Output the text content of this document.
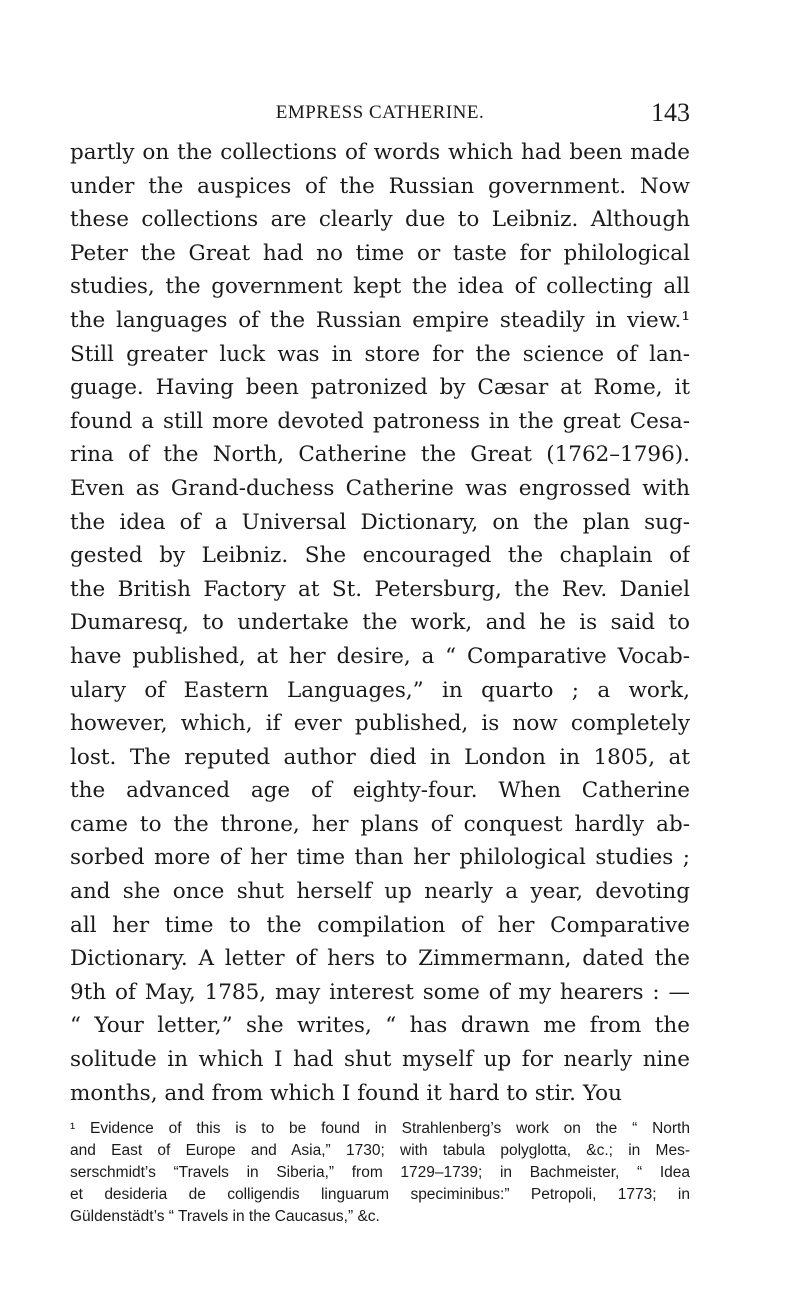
EMPRESS CATHERINE.	143
partly on the collections of words which had been made
under the auspices of the Russian government. Now
these collections are clearly due to Leibniz. Although
Peter the Great had no time or taste for philological
studies, the government kept the idea of collecting all
the languages of the Russian empire steadily in view.¹
Still greater luck was in store for the science of lan-
guage. Having been patronized by Cæsar at Rome, it
found a still more devoted patroness in the great Cesa-
rina of the North, Catherine the Great (1762–1796).
Even as Grand-duchess Catherine was engrossed with
the idea of a Universal Dictionary, on the plan sug-
gested by Leibniz. She encouraged the chaplain of
the British Factory at St. Petersburg, the Rev. Daniel
Dumaresq, to undertake the work, and he is said to
have published, at her desire, a “ Comparative Vocab-
ulary of Eastern Languages,” in quarto ; a work,
however, which, if ever published, is now completely
lost. The reputed author died in London in 1805, at
the advanced age of eighty-four. When Catherine
came to the throne, her plans of conquest hardly ab-
sorbed more of her time than her philological studies ;
and she once shut herself up nearly a year, devoting
all her time to the compilation of her Comparative
Dictionary. A letter of hers to Zimmermann, dated the
9th of May, 1785, may interest some of my hearers : —
“ Your letter,” she writes, “ has drawn me from the
solitude in which I had shut myself up for nearly nine
months, and from which I found it hard to stir. You
¹ Evidence of this is to be found in Strahlenberg’s work on the “ North
and East of Europe and Asia,” 1730; with tabula polyglotta, &c.; in Mes-
serschmidt’s “Travels in Siberia,” from 1729–1739; in Bachmeister, “ Idea
et desideria de colligendis linguarum speciminibus:” Petropoli, 1773; in
Güldenstädt’s “ Travels in the Caucasus,” &c.
